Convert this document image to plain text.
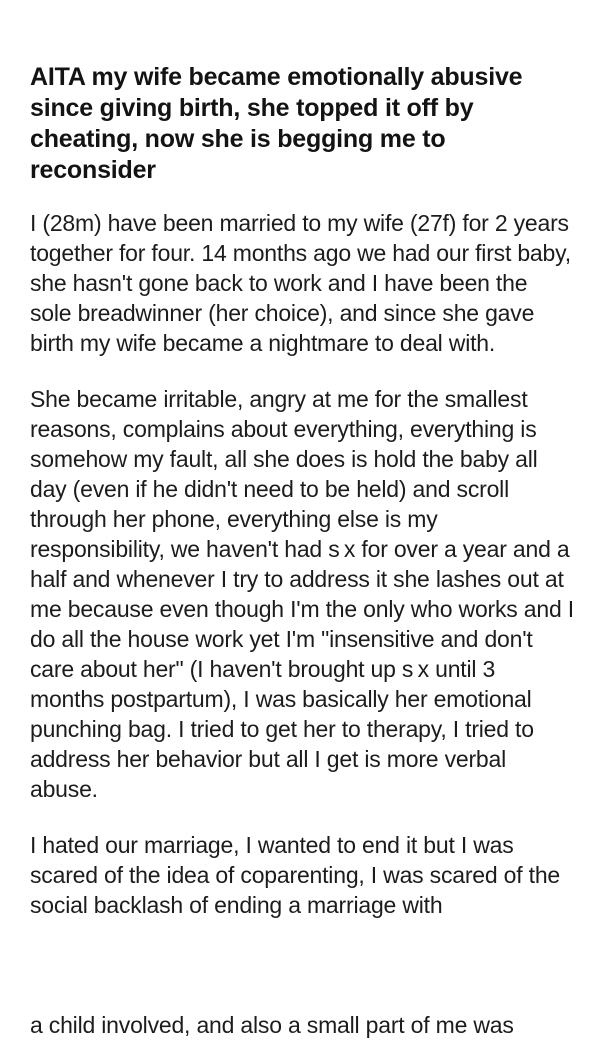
AITA my wife became emotionally abusive since giving birth, she topped it off by cheating, now she is begging me to reconsider

I (28m) have been married to my wife (27f) for 2 years together for four. 14 months ago we had our first baby, she hasn't gone back to work and I have been the sole breadwinner (her choice), and since she gave birth my wife became a nightmare to deal with.

She became irritable, angry at me for the smallest reasons, complains about everything, everything is somehow my fault, all she does is hold the baby all day (even if he didn't need to be held) and scroll through her phone, everything else is my responsibility, we haven't had s x for over a year and a half and whenever I try to address it she lashes out at me because even though I'm the only who works and I do all the house work yet I'm "insensitive and don't care about her" (I haven't brought up s x until 3 months postpartum), I was basically her emotional punching bag. I tried to get her to therapy, I tried to address her behavior but all I get is more verbal abuse.

I hated our marriage, I wanted to end it but I was scared of the idea of coparenting, I was scared of the social backlash of ending a marriage with

a child involved, and also a small part of me was
